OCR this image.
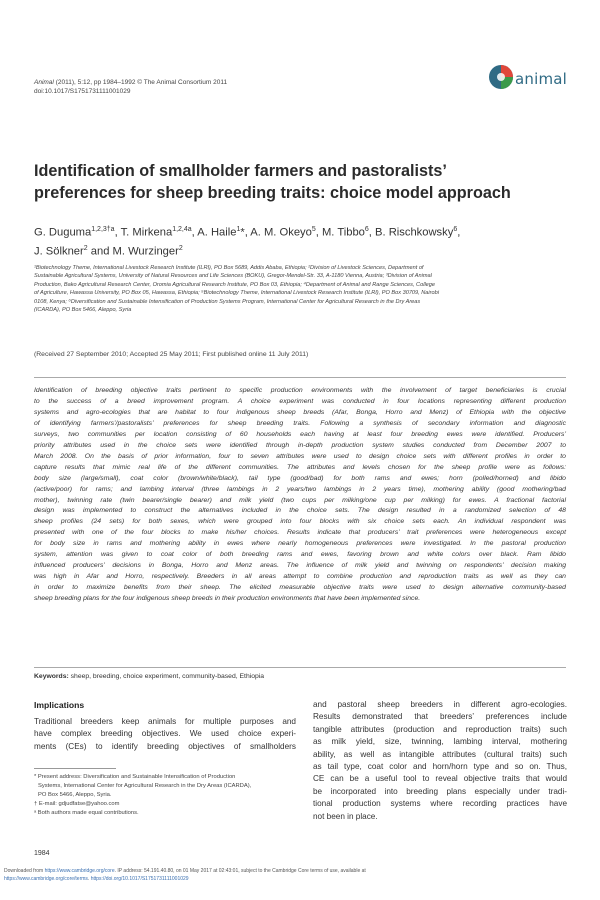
Animal (2011), 5:12, pp 1984–1992 © The Animal Consortium 2011
doi:10.1017/S1751731111001029
animal
Identification of smallholder farmers and pastoralists’
preferences for sheep breeding traits: choice model approach
G. Duguma$^{1,2,3\dagger a}$, T. Mirkena$^{1,2,4a}$, A. Haile$^1$*, A. M. Okeyo$^5$, M. Tibbo$^6$, B. Rischkowsky$^6$,
J. Sölkner$^2$ and M. Wurzinger$^2$
¹Biotechnology Theme, International Livestock Research Institute (ILRI), PO Box 5689, Addis Ababa, Ethiopia; ²Division of Livestock Sciences, Department of
Sustainable Agricultural Systems, University of Natural Resources and Life Sciences (BOKU), Gregor-Mendel-Str. 33, A-1180 Vienna, Austria; ³Division of Animal
Production, Bako Agricultural Research Center, Oromia Agricultural Research Institute, PO Box 03, Ethiopia; ⁴Department of Animal and Range Sciences, College
of Agriculture, Hawassa University, PO Box 05, Hawassa, Ethiopia; ⁵Biotechnology Theme, International Livestock Research Institute (ILRI), PO Box 30709, Nairobi
0108, Kenya; ⁶Diversification and Sustainable Intensification of Production Systems Program, International Center for Agricultural Research in the Dry Areas
(ICARDA), PO Box 5466, Aleppo, Syria
(Received 27 September 2010; Accepted 25 May 2011; First published online 11 July 2011)
Identification of breeding objective traits pertinent to specific production environments with the involvement of target beneficiaries is crucial
to the success of a breed improvement program. A choice experiment was conducted in four locations representing different production
systems and agro-ecologies that are habitat to four indigenous sheep breeds (Afar, Bonga, Horro and Menz) of Ethiopia with the objective
of identifying farmers’/pastoralists’ preferences for sheep breeding traits. Following a synthesis of secondary information and diagnostic
surveys, two communities per location consisting of 60 households each having at least four breeding ewes were identified. Producers’
priority attributes used in the choice sets were identified through in-depth production system studies conducted from December 2007 to
March 2008. On the basis of prior information, four to seven attributes were used to design choice sets with different profiles in order to
capture results that mimic real life of the different communities. The attributes and levels chosen for the sheep profile were as follows:
body size (large/small), coat color (brown/white/black), tail type (good/bad) for both rams and ewes; horn (polled/horned) and libido
(active/poor) for rams; and lambing interval (three lambings in 2 years/two lambings in 2 years time), mothering ability (good mothering/bad
mother), twinning rate (twin bearer/single bearer) and milk yield (two cups per milking/one cup per milking) for ewes. A fractional factorial
design was implemented to construct the alternatives included in the choice sets. The design resulted in a randomized selection of 48
sheep profiles (24 sets) for both sexes, which were grouped into four blocks with six choice sets each. An individual respondent was
presented with one of the four blocks to make his/her choices. Results indicate that producers’ trait preferences were heterogeneous except
for body size in rams and mothering ability in ewes where nearly homogeneous preferences were investigated. In the pastoral production
system, attention was given to coat color of both breeding rams and ewes, favoring brown and white colors over black. Ram libido
influenced producers’ decisions in Bonga, Horro and Menz areas. The influence of milk yield and twinning on respondents’ decision making
was high in Afar and Horro, respectively. Breeders in all areas attempt to combine production and reproduction traits as well as they can
in order to maximize benefits from their sheep. The elicited measurable objective traits were used to design alternative community-based
sheep breeding plans for the four indigenous sheep breeds in their production environments that have been implemented since.
Keywords: sheep, breeding, choice experiment, community-based, Ethiopia
Implications
Traditional breeders keep animals for multiple purposes and
have complex breeding objectives. We used choice experi-
ments (CEs) to identify breeding objectives of smallholders
and pastoral sheep breeders in different agro-ecologies.
Results demonstrated that breeders’ preferences include
tangible attributes (production and reproduction traits) such
as milk yield, size, twinning, lambing interval, mothering
ability, as well as intangible attributes (cultural traits) such
as tail type, coat color and horn/horn type and so on. Thus,
CE can be a useful tool to reveal objective traits that would
be incorporated into breeding plans especially under tradi-
tional production systems where recording practices have
not been in place.
* Present address: Diversification and Sustainable Intensification of Production
Systems, International Center for Agricultural Research in the Dry Areas (ICARDA),
PO Box 5466, Aleppo, Syria.
† E-mail: gdjudfatse@yahoo.com
ᵃ Both authors made equal contributions.
1984
Downloaded from https://www.cambridge.org/core. IP address: 54.191.40.80, on 01 May 2017 at 02:43:01, subject to the Cambridge Core terms of use, available at
https://www.cambridge.org/core/terms. https://doi.org/10.1017/S1751731111001029
